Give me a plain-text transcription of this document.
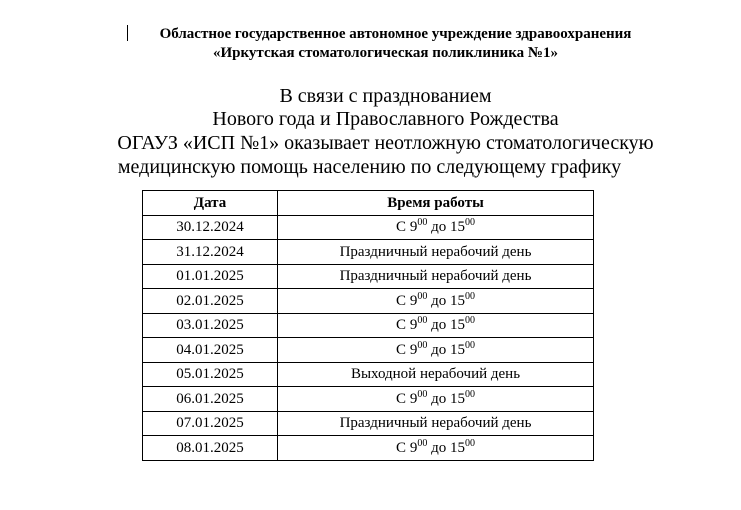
Областное государственное автономное учреждение здравоохранения
«Иркутская стоматологическая поликлиника №1»
В связи с празднованием
Нового года и Православного Рождества
ОГАУЗ «ИСП №1» оказывает неотложную стоматологическую
медицинскую помощь населению по следующему графику
Дата	Время работы
30.12.2024	С $9^{00}$ до $15^{00}$
31.12.2024	Праздничный нерабочий день
01.01.2025	Праздничный нерабочий день
02.01.2025	С $9^{00}$ до $15^{00}$
03.01.2025	С $9^{00}$ до $15^{00}$
04.01.2025	С $9^{00}$ до $15^{00}$
05.01.2025	Выходной нерабочий день
06.01.2025	С $9^{00}$ до $15^{00}$
07.01.2025	Праздничный нерабочий день
08.01.2025	С $9^{00}$ до $15^{00}$
